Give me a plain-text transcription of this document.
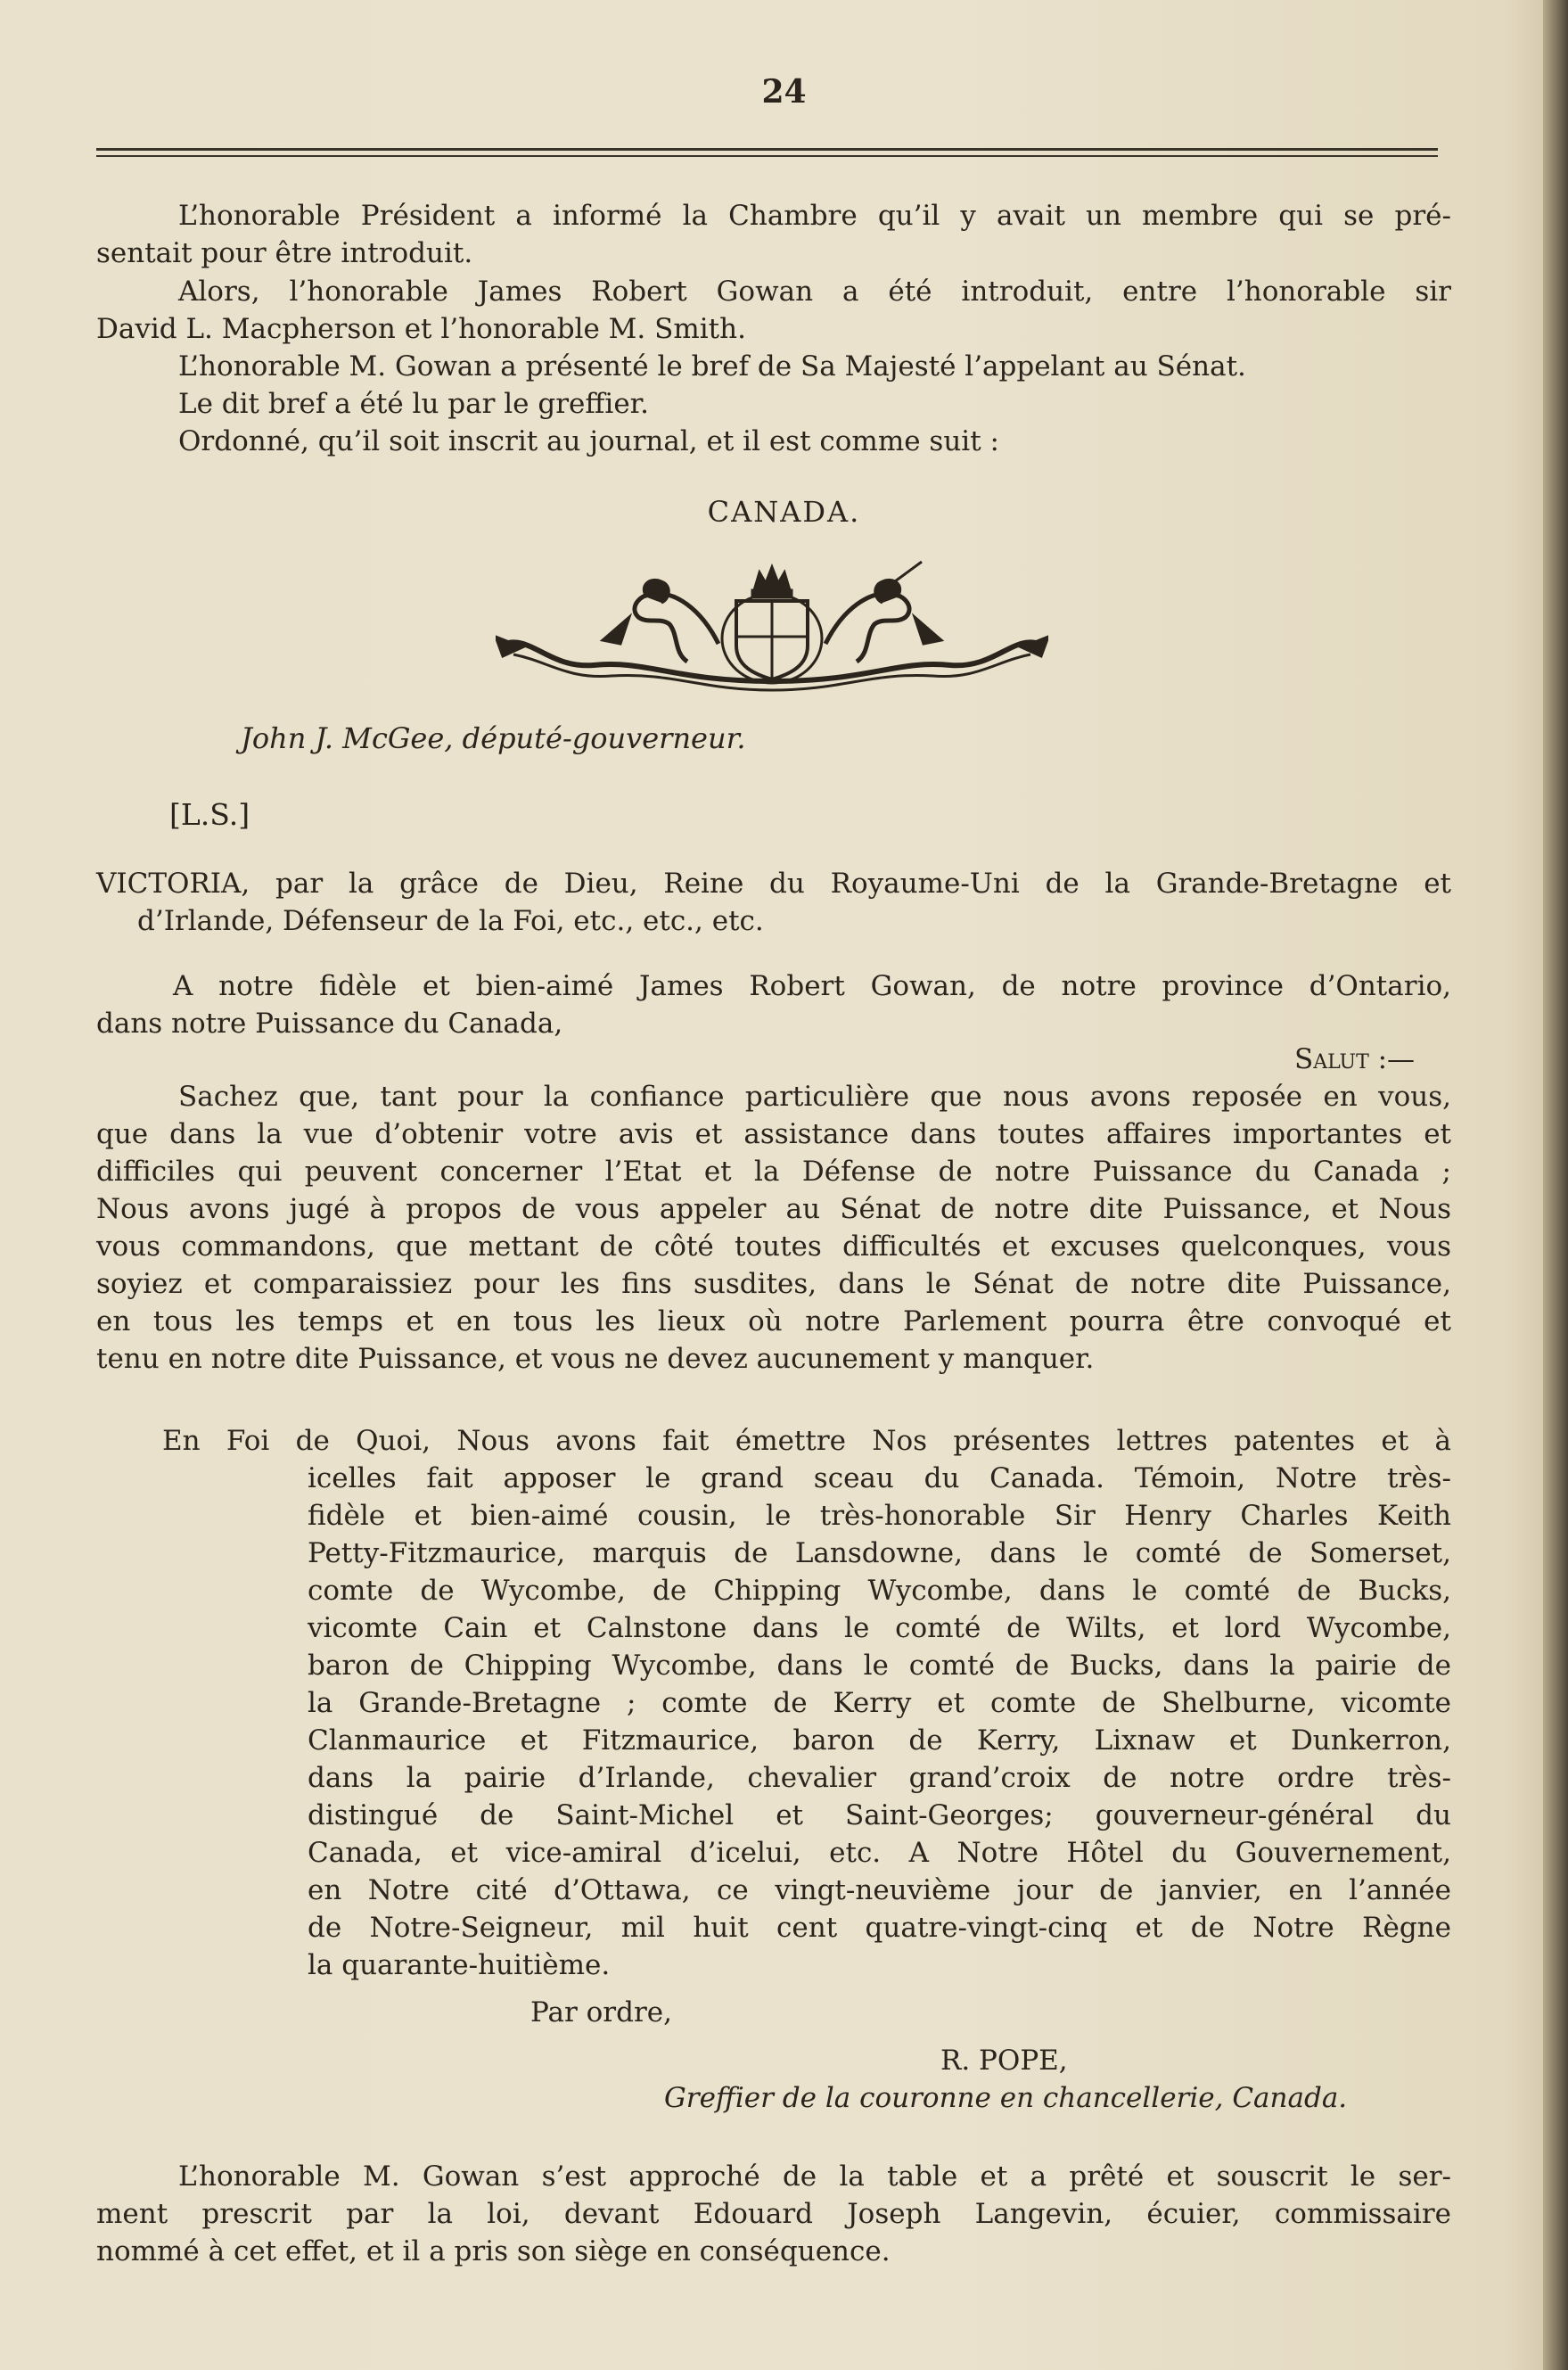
24
L’honorable Président a informé la Chambre qu’il y avait un membre qui se pré-
sentait pour être introduit.
Alors, l’honorable James Robert Gowan a été introduit, entre l’honorable sir
David L. Macpherson et l’honorable M. Smith.
L’honorable M. Gowan a présenté le bref de Sa Majesté l’appelant au Sénat.
Le dit bref a été lu par le greffier.
Ordonné, qu’il soit inscrit au journal, et il est comme suit :
CANADA.
John J. McGee, député-gouverneur.
[L.S.]
VICTORIA, par la grâce de Dieu, Reine du Royaume-Uni de la Grande-Bretagne et
d’Irlande, Défenseur de la Foi, etc., etc., etc.
A notre fidèle et bien-aimé James Robert Gowan, de notre province d’Ontario,
dans notre Puissance du Canada,
Salut :—
Sachez que, tant pour la confiance particulière que nous avons reposée en vous,
que dans la vue d’obtenir votre avis et assistance dans toutes affaires importantes et
difficiles qui peuvent concerner l’Etat et la Défense de notre Puissance du Canada ;
Nous avons jugé à propos de vous appeler au Sénat de notre dite Puissance, et Nous
vous commandons, que mettant de côté toutes difficultés et excuses quelconques, vous
soyiez et comparaissiez pour les fins susdites, dans le Sénat de notre dite Puissance,
en tous les temps et en tous les lieux où notre Parlement pourra être convoqué et
tenu en notre dite Puissance, et vous ne devez aucunement y manquer.
En Foi de Quoi, Nous avons fait émettre Nos présentes lettres patentes et à
icelles fait apposer le grand sceau du Canada. Témoin, Notre très-
fidèle et bien-aimé cousin, le très-honorable Sir Henry Charles Keith
Petty-Fitzmaurice, marquis de Lansdowne, dans le comté de Somerset,
comte de Wycombe, de Chipping Wycombe, dans le comté de Bucks,
vicomte Cain et Calnstone dans le comté de Wilts, et lord Wycombe,
baron de Chipping Wycombe, dans le comté de Bucks, dans la pairie de
la Grande-Bretagne ; comte de Kerry et comte de Shelburne, vicomte
Clanmaurice et Fitzmaurice, baron de Kerry, Lixnaw et Dunkerron,
dans la pairie d’Irlande, chevalier grand’croix de notre ordre très-
distingué de Saint-Michel et Saint-Georges; gouverneur-général du
Canada, et vice-amiral d’icelui, etc. A Notre Hôtel du Gouvernement,
en Notre cité d’Ottawa, ce vingt-neuvième jour de janvier, en l’année
de Notre-Seigneur, mil huit cent quatre-vingt-cinq et de Notre Règne
la quarante-huitième.
Par ordre,
R. POPE,
Greffier de la couronne en chancellerie, Canada.
L’honorable M. Gowan s’est approché de la table et a prêté et souscrit le ser-
ment prescrit par la loi, devant Edouard Joseph Langevin, écuier, commissaire
nommé à cet effet, et il a pris son siège en conséquence.
